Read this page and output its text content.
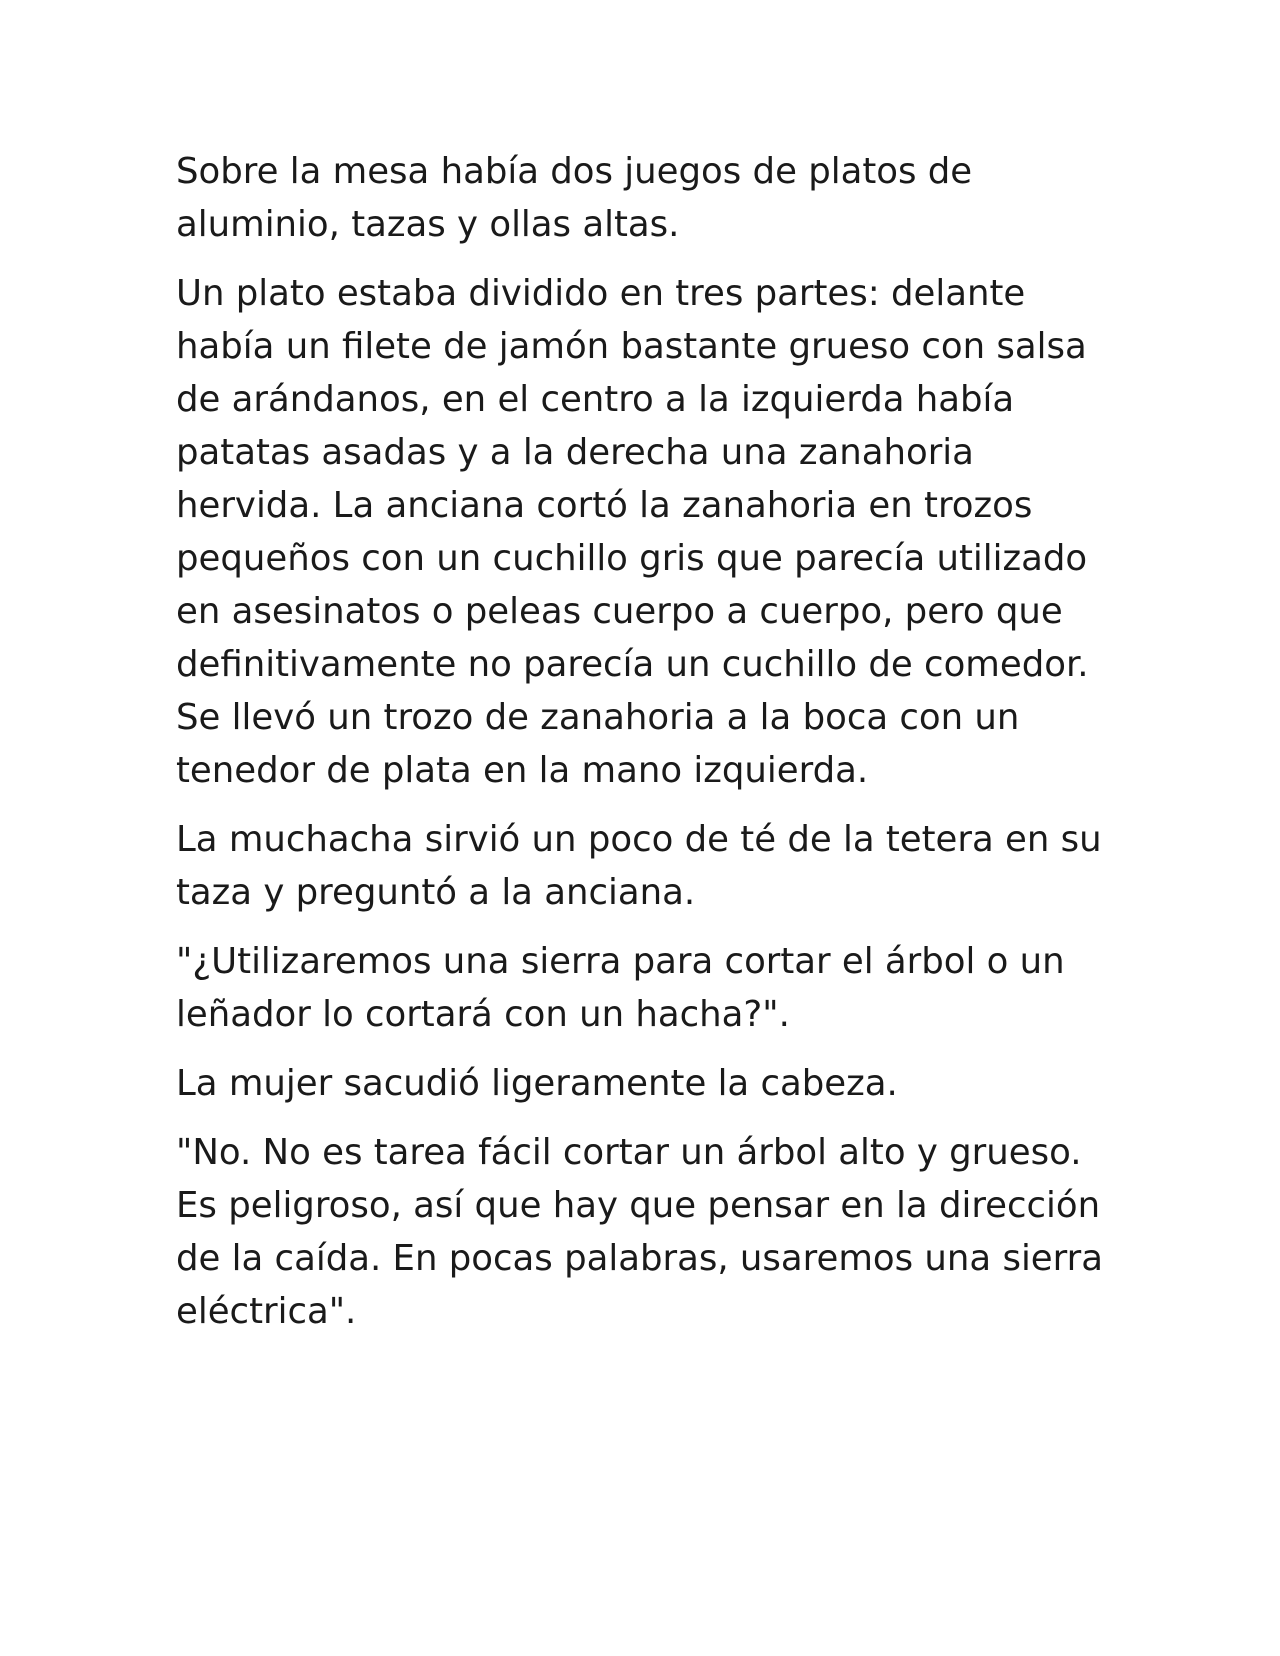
Sobre la mesa había dos juegos de platos de aluminio, tazas y ollas altas.

Un plato estaba dividido en tres partes: delante había un filete de jamón bastante grueso con salsa de arándanos, en el centro a la izquierda había patatas asadas y a la derecha una zanahoria hervida. La anciana cortó la zanahoria en trozos pequeños con un cuchillo gris que parecía utilizado en asesinatos o peleas cuerpo a cuerpo, pero que definitivamente no parecía un cuchillo de comedor. Se llevó un trozo de zanahoria a la boca con un tenedor de plata en la mano izquierda.

La muchacha sirvió un poco de té de la tetera en su taza y preguntó a la anciana.

"¿Utilizaremos una sierra para cortar el árbol o un leñador lo cortará con un hacha?".

La mujer sacudió ligeramente la cabeza.

"No. No es tarea fácil cortar un árbol alto y grueso. Es peligroso, así que hay que pensar en la dirección de la caída. En pocas palabras, usaremos una sierra eléctrica".
